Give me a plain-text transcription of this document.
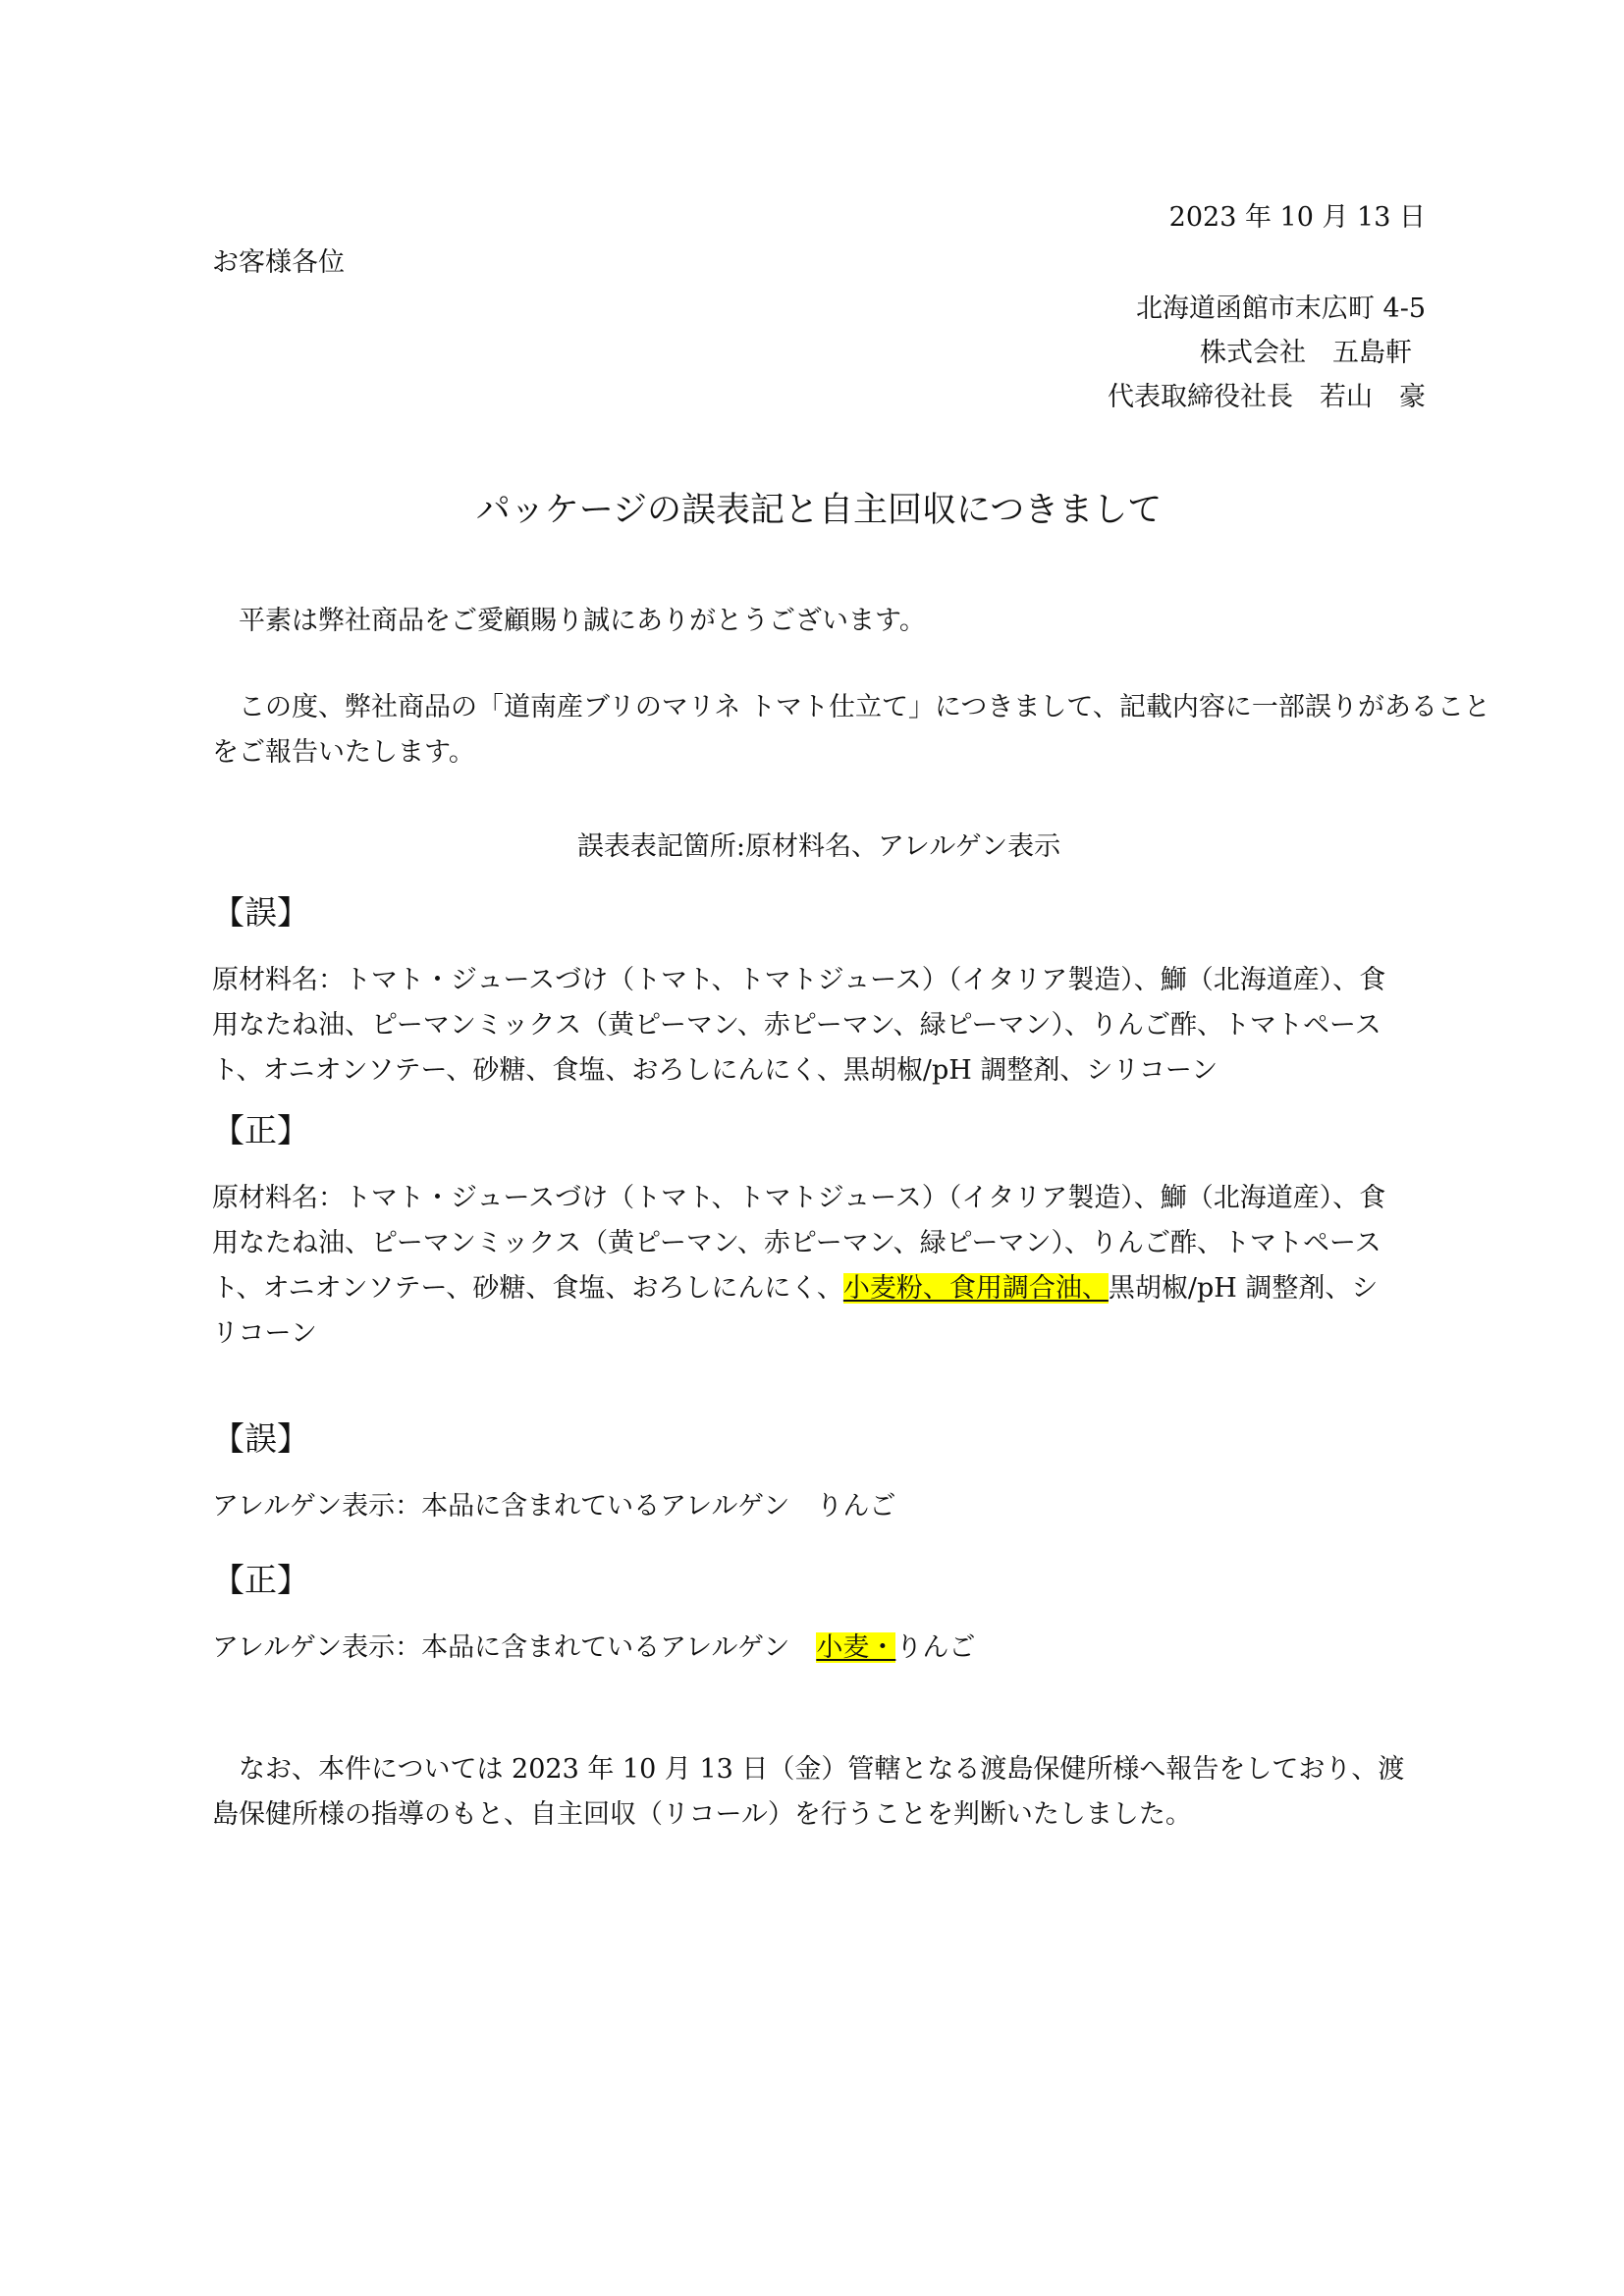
2023 年 10 月 13 日
お客様各位
北海道函館市末広町 4-5
株式会社　五島軒
代表取締役社長　若山　豪
パッケージの誤表記と自主回収につきまして
平素は弊社商品をご愛顧賜り誠にありがとうございます。
この度、弊社商品の「道南産ブリのマリネ トマト仕立て」につきまして、記載内容に一部誤りがあること
をご報告いたします。
誤表表記箇所:原材料名、アレルゲン表示
【誤】
原材料名：トマト・ジュースづけ（トマト、トマトジュース）（イタリア製造）、鰤（北海道産）、食
用なたね油、ピーマンミックス（黄ピーマン、赤ピーマン、緑ピーマン）、りんご酢、トマトペース
ト、オニオンソテー、砂糖、食塩、おろしにんにく、黒胡椒/pH 調整剤、シリコーン
【正】
原材料名：トマト・ジュースづけ（トマト、トマトジュース）（イタリア製造）、鰤（北海道産）、食
用なたね油、ピーマンミックス（黄ピーマン、赤ピーマン、緑ピーマン）、りんご酢、トマトペース
ト、オニオンソテー、砂糖、食塩、おろしにんにく、小麦粉、食用調合油、黒胡椒/pH 調整剤、シ
リコーン
【誤】
アレルゲン表示：本品に含まれているアレルゲン　りんご
【正】
アレルゲン表示：本品に含まれているアレルゲン　小麦・りんご
なお、本件については 2023 年 10 月 13 日（金）管轄となる渡島保健所様へ報告をしており、渡
島保健所様の指導のもと、自主回収（リコール）を行うことを判断いたしました。
